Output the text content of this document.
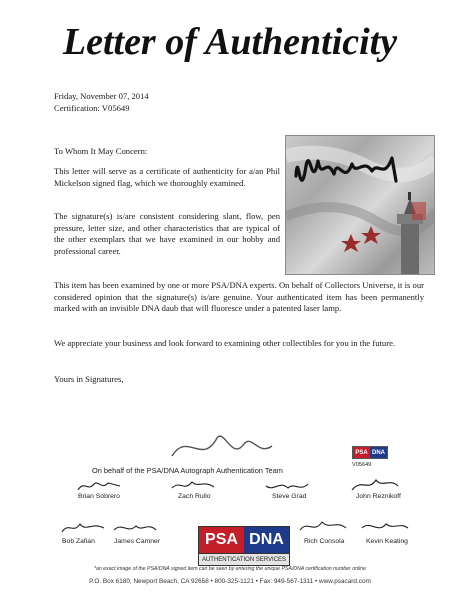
Letter of Authenticity
Friday, November 07, 2014
Certification: V05649
To Whom It May Concern:
This letter will serve as a certificate of authenticity for a/an Phil Mickelson signed flag, which we thoroughly examined.
The signature(s) is/are consistent considering slant, flow, pen pressure, letter size, and other characteristics that are typical of the other exemplars that we have examined in our hobby and professional career.
This item has been examined by one or more PSA/DNA experts. On behalf of Collectors Universe, it is our considered opinion that the signature(s) is/are genuine. Your authenticated item has been permanently marked with an invisible DNA daub that will fluoresce under a patented laser lamp.
We appreciate your business and look forward to examining other collectibles for you in the future.
Yours in Signatures,
On behalf of the PSA/DNA Autograph Authentication Team
PSA DNA
V05649
Brian Sobrero	Zach Rullo	Steve Grad	John Reznikoff
Bob Zafian	James Camner	PSA DNA
AUTHENTICATION SERVICES
Rich Consola	Kevin Keating
*an exact image of the PSA/DNA signed item can be seen by entering the unique PSA/DNA certification number online
P.O. Box 6180, Newport Beach, CA 92658 • 800-325-1121 • Fax: 949-567-1311 • www.psacard.com
